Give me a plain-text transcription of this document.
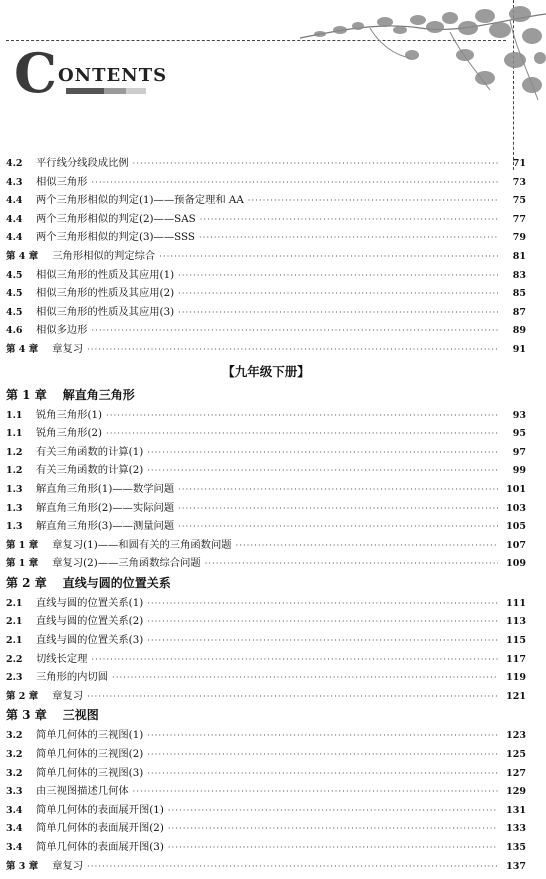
C ONTENTS
4.2	平行线分线段成比例 ·····	71
4.3	相似三角形 ·····	73
4.4	两个三角形相似的判定(1)——预备定理和 AA ·····	75
4.4	两个三角形相似的判定(2)——SAS ·····	77
4.4	两个三角形相似的判定(3)——SSS ·····	79
第 4 章 三角形相似的判定综合 ·····	81
4.5	相似三角形的性质及其应用(1) ·····	83
4.5	相似三角形的性质及其应用(2) ·····	85
4.5	相似三角形的性质及其应用(3) ·····	87
4.6	相似多边形 ·····	89
第 4 章 章复习 ·····	91
【九年级下册】
第 1 章 解直角三角形
1.1	锐角三角形(1) ·····	93
1.1	锐角三角形(2) ·····	95
1.2	有关三角函数的计算(1) ·····	97
1.2	有关三角函数的计算(2) ·····	99
1.3	解直角三角形(1)——数学问题 ·····	101
1.3	解直角三角形(2)——实际问题 ·····	103
1.3	解直角三角形(3)——测量问题 ·····	105
第 1 章 章复习(1)——和圆有关的三角函数问题 ·····	107
第 1 章 章复习(2)——三角函数综合问题 ·····	109
第 2 章 直线与圆的位置关系
2.1	直线与圆的位置关系(1) ·····	111
2.1	直线与圆的位置关系(2) ·····	113
2.1	直线与圆的位置关系(3) ·····	115
2.2	切线长定理 ·····	117
2.3	三角形的内切圆 ·····	119
第 2 章 章复习 ·····	121
第 3 章 三视图
3.2	简单几何体的三视图(1) ·····	123
3.2	简单几何体的三视图(2) ·····	125
3.2	简单几何体的三视图(3) ·····	127
3.3	由三视图描述几何体 ·····	129
3.4	简单几何体的表面展开图(1) ·····	131
3.4	简单几何体的表面展开图(2) ·····	133
3.4	简单几何体的表面展开图(3) ·····	135
第 3 章 章复习 ·····	137
